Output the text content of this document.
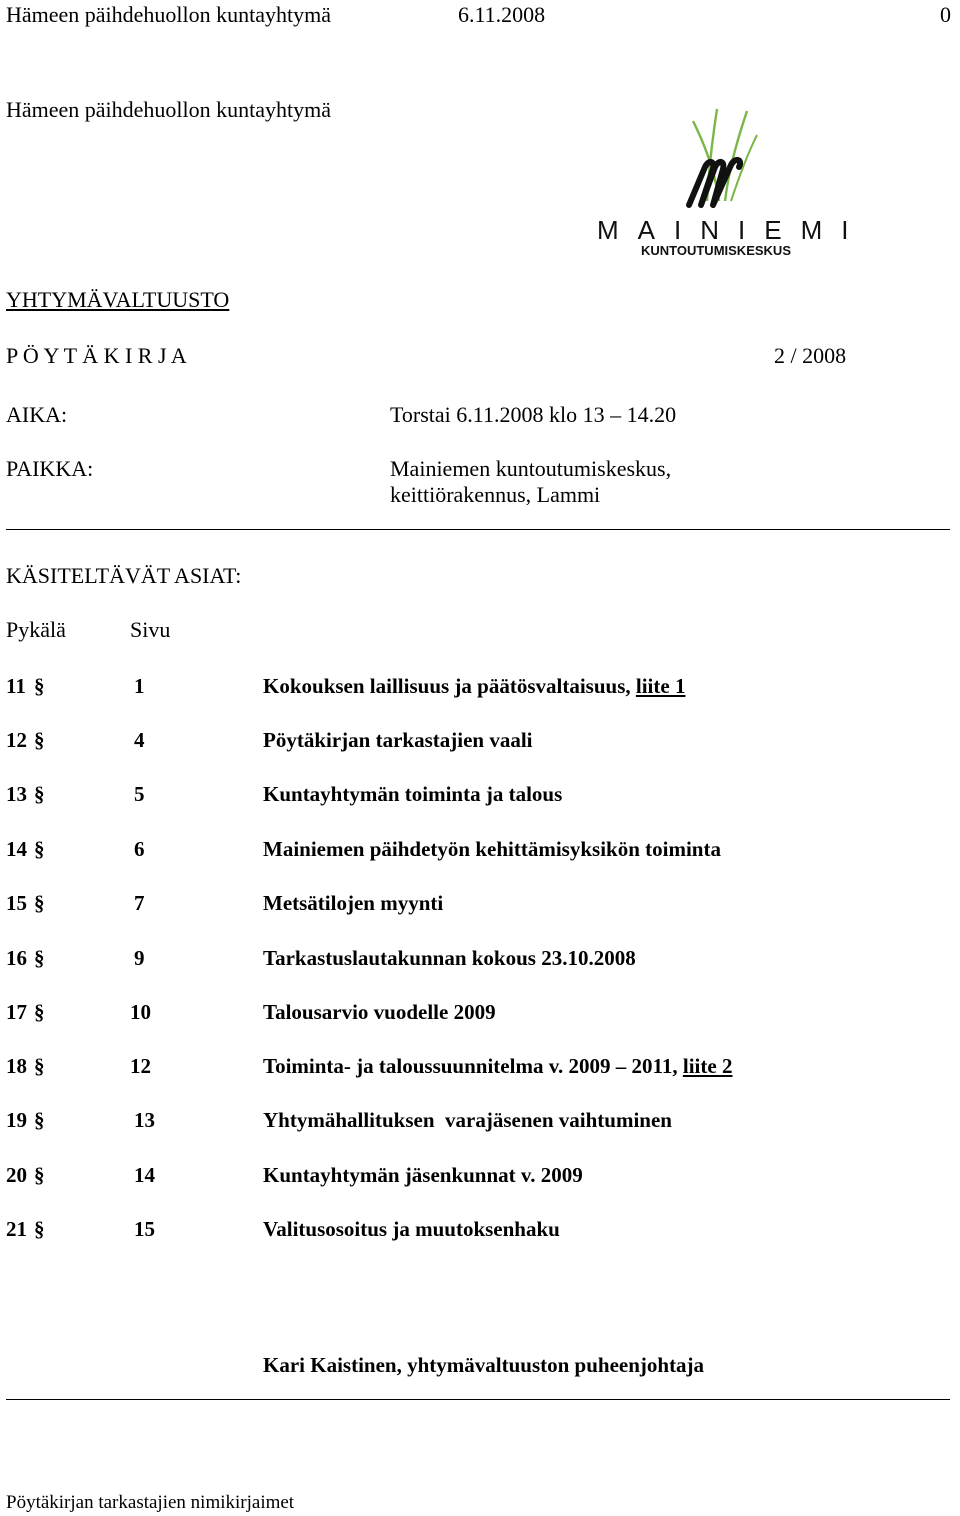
Hämeen päihdehuollon kuntayhtymä	6.11.2008	0
Hämeen päihdehuollon kuntayhtymä
MAINIEMI
KUNTOUTUMISKESKUS
YHTYMÄVALTUUSTO
P Ö Y T Ä K I R J A	2 / 2008
AIKA:	Torstai 6.11.2008 klo 13 – 14.20
PAIKKA:	Mainiemen kuntoutumiskeskus,
keittiörakennus, Lammi
KÄSITELTÄVÄT ASIAT:
Pykälä	Sivu
11 §	1	Kokouksen laillisuus ja päätösvaltaisuus, liite 1
12 §	4	Pöytäkirjan tarkastajien vaali
13 §	5	Kuntayhtymän toiminta ja talous
14 §	6	Mainiemen päihdetyön kehittämisyksikön toiminta
15 §	7	Metsätilojen myynti
16 §	9	Tarkastuslautakunnan kokous 23.10.2008
17 §	10	Talousarvio vuodelle 2009
18 §	12	Toiminta- ja taloussuunnitelma v. 2009 – 2011, liite 2
19 §	13	Yhtymähallituksen  varajäsenen vaihtuminen
20 §	14	Kuntayhtymän jäsenkunnat v. 2009
21 §	15	Valitusosoitus ja muutoksenhaku
Kari Kaistinen, yhtymävaltuuston puheenjohtaja
Pöytäkirjan tarkastajien nimikirjaimet
